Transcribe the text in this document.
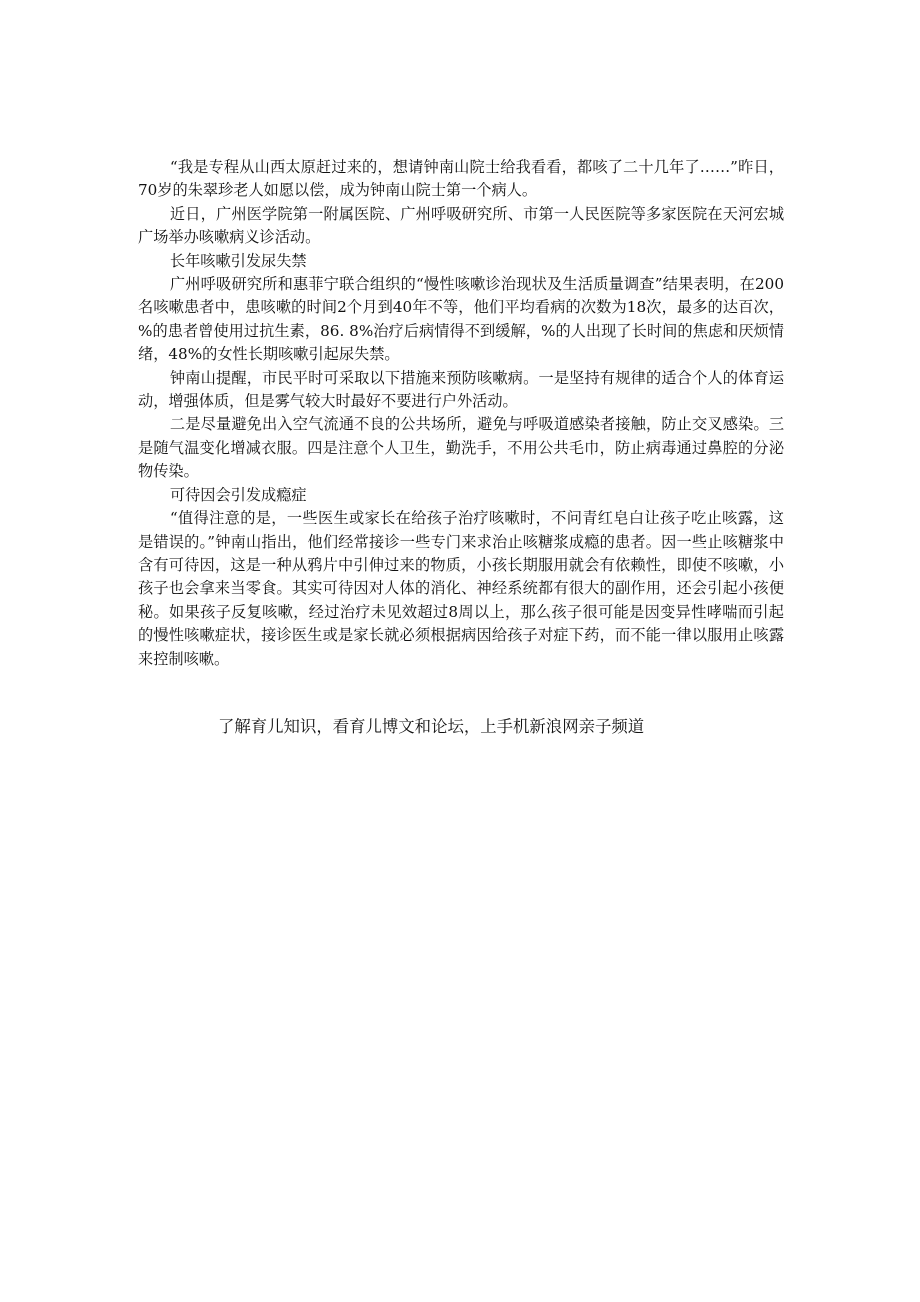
“我是专程从山西太原赶过来的，想请钟南山院士给我看看，都咳了二十几年了……”昨日，70岁的朱翠珍老人如愿以偿，成为钟南山院士第一个病人。

近日，广州医学院第一附属医院、广州呼吸研究所、市第一人民医院等多家医院在天河宏城广场举办咳嗽病义诊活动。

长年咳嗽引发尿失禁

广州呼吸研究所和惠菲宁联合组织的“慢性咳嗽诊治现状及生活质量调查”结果表明，在200名咳嗽患者中，患咳嗽的时间2个月到40年不等，他们平均看病的次数为18次，最多的达百次，%的患者曾使用过抗生素，86. 8%治疗后病情得不到缓解，%的人出现了长时间的焦虑和厌烦情绪，48%的女性长期咳嗽引起尿失禁。

钟南山提醒，市民平时可采取以下措施来预防咳嗽病。一是坚持有规律的适合个人的体育运动，增强体质，但是雾气较大时最好不要进行户外活动。

二是尽量避免出入空气流通不良的公共场所，避免与呼吸道感染者接触，防止交叉感染。三是随气温变化增减衣服。四是注意个人卫生，勤洗手，不用公共毛巾，防止病毒通过鼻腔的分泌物传染。

可待因会引发成瘾症

“值得注意的是，一些医生或家长在给孩子治疗咳嗽时，不问青红皂白让孩子吃止咳露，这是错误的。”钟南山指出，他们经常接诊一些专门来求治止咳糖浆成瘾的患者。因一些止咳糖浆中含有可待因，这是一种从鸦片中引伸过来的物质，小孩长期服用就会有依赖性，即使不咳嗽，小孩子也会拿来当零食。其实可待因对人体的消化、神经系统都有很大的副作用，还会引起小孩便秘。如果孩子反复咳嗽，经过治疗未见效超过8周以上，那么孩子很可能是因变异性哮喘而引起的慢性咳嗽症状，接诊医生或是家长就必须根据病因给孩子对症下药，而不能一律以服用止咳露来控制咳嗽。

了解育儿知识，看育儿博文和论坛，上手机新浪网亲子频道
